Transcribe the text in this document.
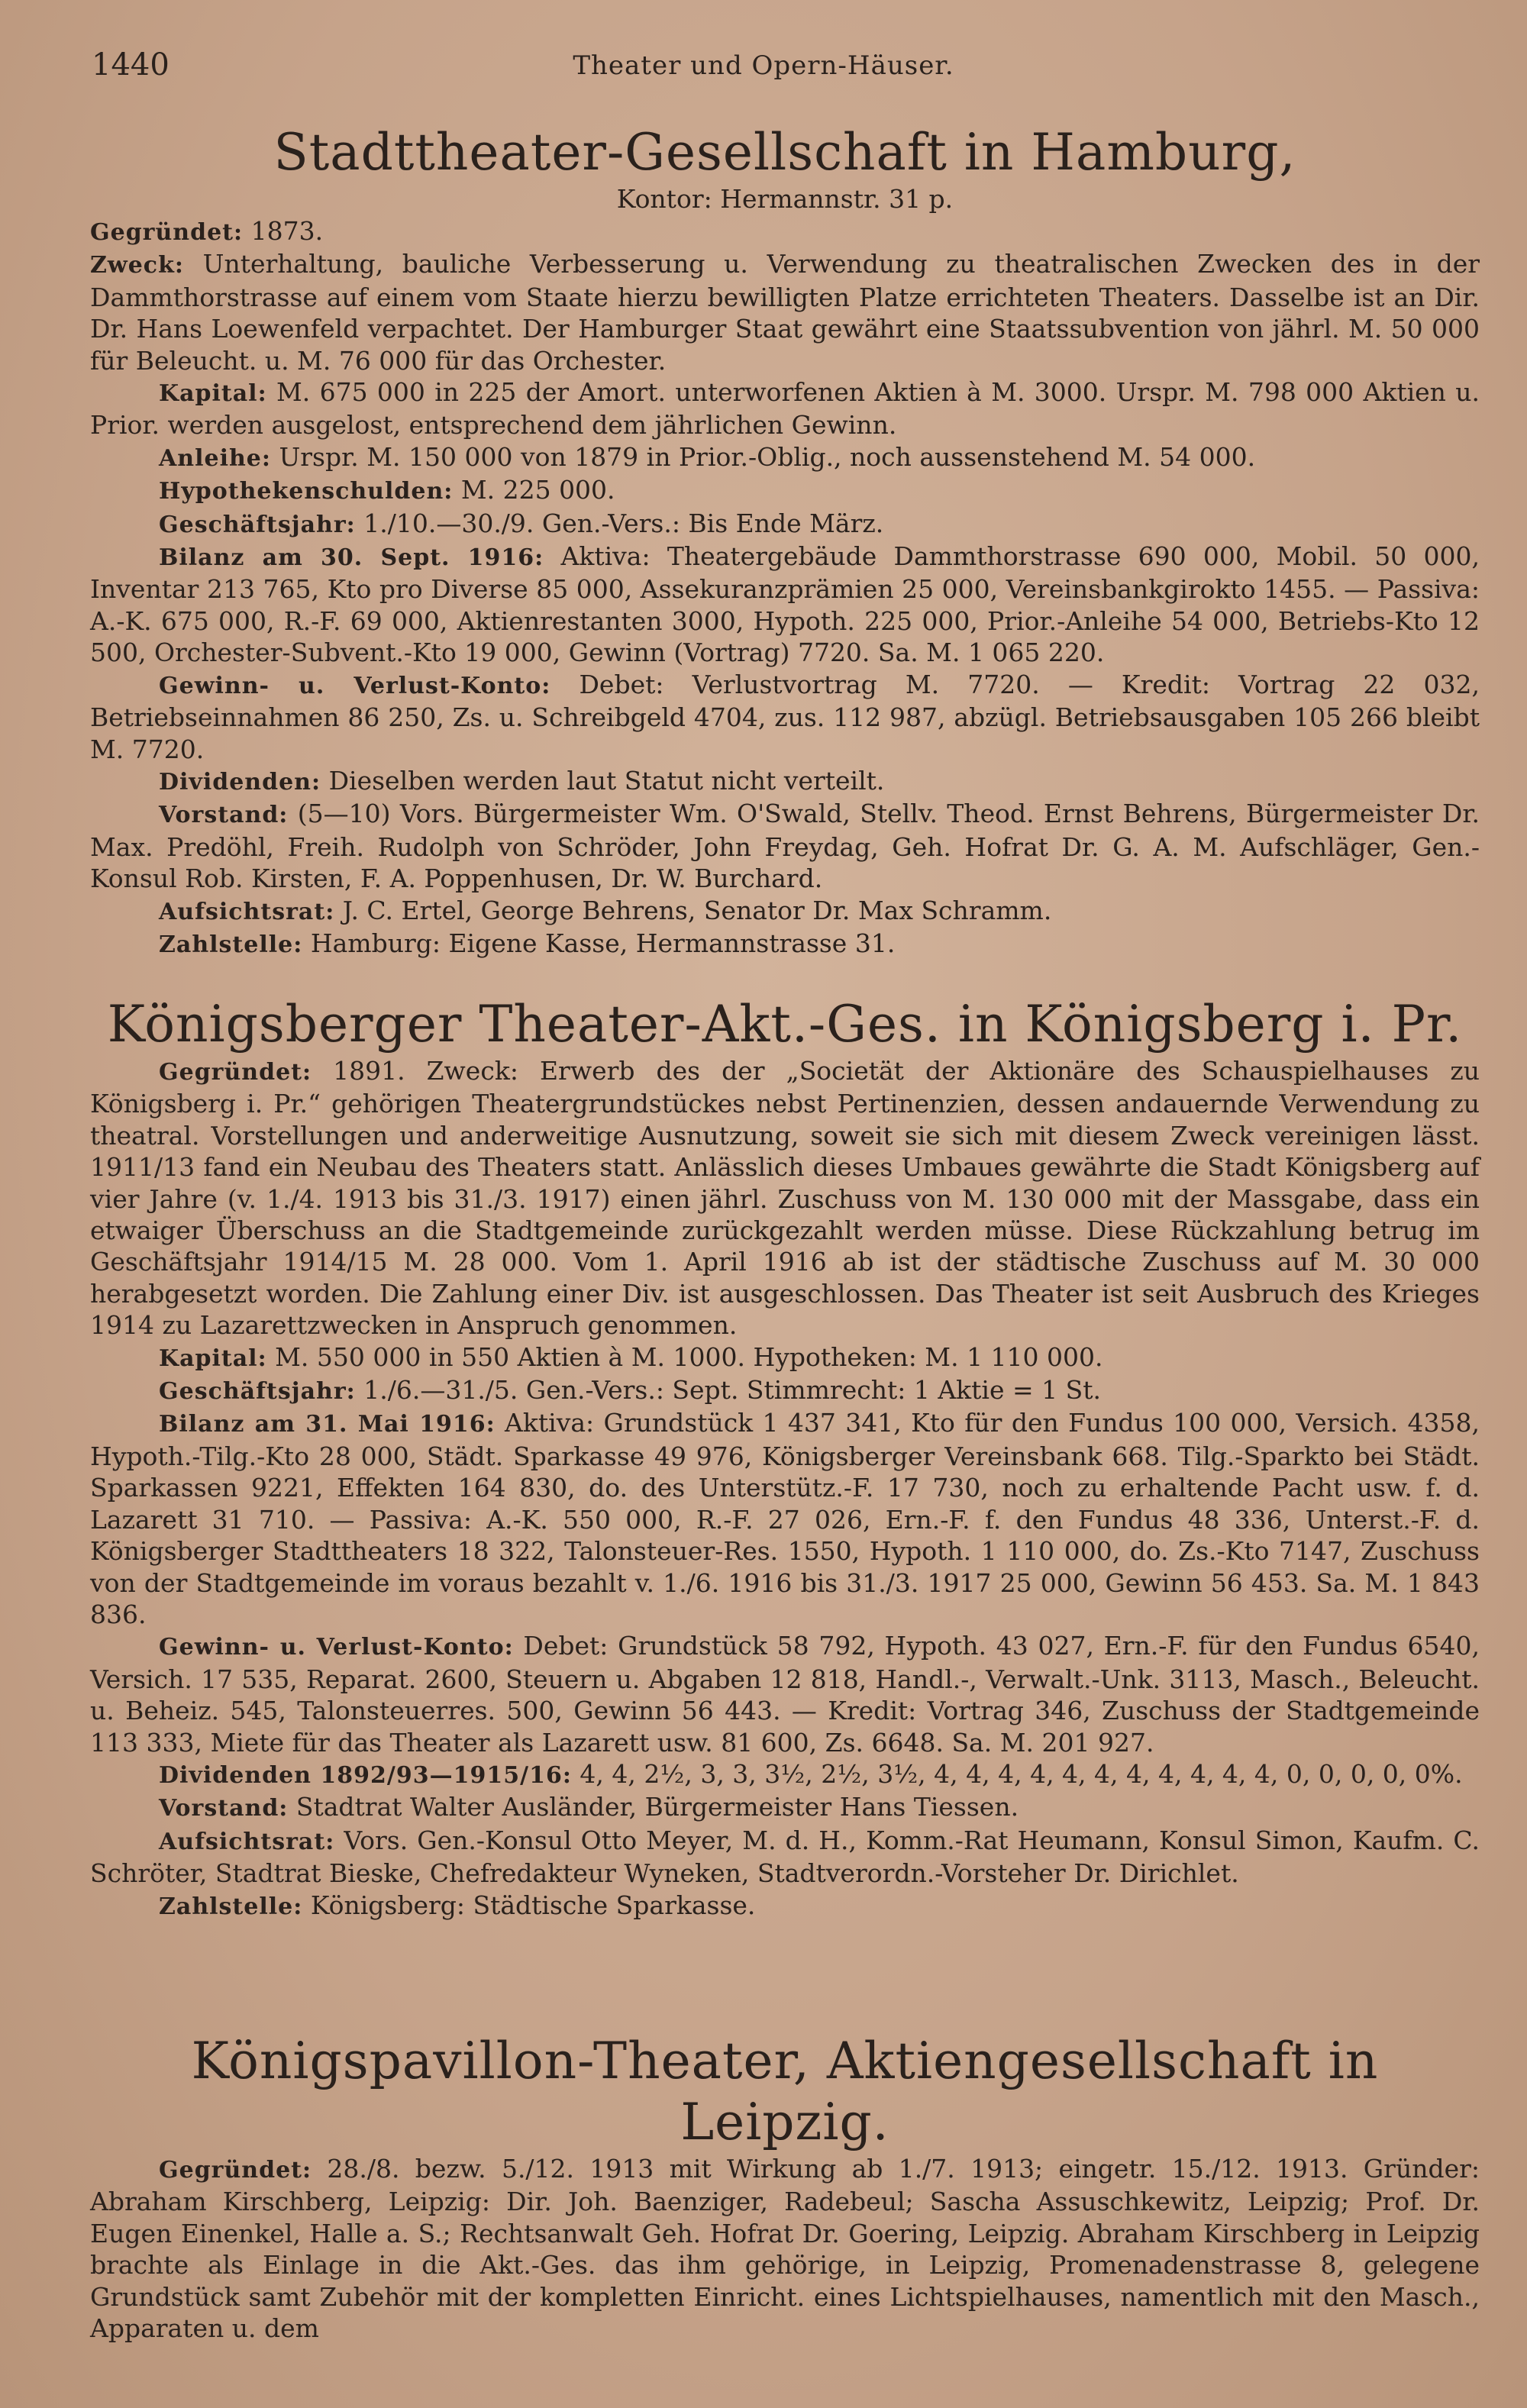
1440	Theater und Opern-Häuser.
Stadttheater-Gesellschaft in Hamburg,
Kontor: Hermannstr. 31 p.
Gegründet: 1873.
Zweck: Unterhaltung, bauliche Verbesserung u. Verwendung zu theatralischen Zwecken des in der Dammthorstrasse auf einem vom Staate hierzu bewilligten Platze errichteten Theaters. Dasselbe ist an Dir. Dr. Hans Loewenfeld verpachtet. Der Hamburger Staat gewährt eine Staatssubvention von jährl. M. 50 000 für Beleucht. u. M. 76 000 für das Orchester.
Kapital: M. 675 000 in 225 der Amort. unterworfenen Aktien à M. 3000. Urspr. M. 798 000 Aktien u. Prior. werden ausgelost, entsprechend dem jährlichen Gewinn.
Anleihe: Urspr. M. 150 000 von 1879 in Prior.-Oblig., noch aussenstehend M. 54 000.
Hypothekenschulden: M. 225 000.
Geschäftsjahr: 1./10.—30./9. Gen.-Vers.: Bis Ende März.
Bilanz am 30. Sept. 1916: Aktiva: Theatergebäude Dammthorstrasse 690 000, Mobil. 50 000, Inventar 213 765, Kto pro Diverse 85 000, Assekuranzprämien 25 000, Vereinsbankgirokto 1455. — Passiva: A.-K. 675 000, R.-F. 69 000, Aktienrestanten 3000, Hypoth. 225 000, Prior.-Anleihe 54 000, Betriebs-Kto 12 500, Orchester-Subvent.-Kto 19 000, Gewinn (Vortrag) 7720. Sa. M. 1 065 220.
Gewinn- u. Verlust-Konto: Debet: Verlustvortrag M. 7720. — Kredit: Vortrag 22 032, Betriebseinnahmen 86 250, Zs. u. Schreibgeld 4704, zus. 112 987, abzügl. Betriebsausgaben 105 266 bleibt M. 7720.
Dividenden: Dieselben werden laut Statut nicht verteilt.
Vorstand: (5—10) Vors. Bürgermeister Wm. O'Swald, Stellv. Theod. Ernst Behrens, Bürgermeister Dr. Max. Predöhl, Freih. Rudolph von Schröder, John Freydag, Geh. Hofrat Dr. G. A. M. Aufschläger, Gen.-Konsul Rob. Kirsten, F. A. Poppenhusen, Dr. W. Burchard.
Aufsichtsrat: J. C. Ertel, George Behrens, Senator Dr. Max Schramm.
Zahlstelle: Hamburg: Eigene Kasse, Hermannstrasse 31.
Königsberger Theater-Akt.-Ges. in Königsberg i. Pr.
Gegründet: 1891. Zweck: Erwerb des der „Societät der Aktionäre des Schauspielhauses zu Königsberg i. Pr.“ gehörigen Theatergrundstückes nebst Pertinenzien, dessen andauernde Verwendung zu theatral. Vorstellungen und anderweitige Ausnutzung, soweit sie sich mit diesem Zweck vereinigen lässt. 1911/13 fand ein Neubau des Theaters statt. Anlässlich dieses Umbaues gewährte die Stadt Königsberg auf vier Jahre (v. 1./4. 1913 bis 31./3. 1917) einen jährl. Zuschuss von M. 130 000 mit der Massgabe, dass ein etwaiger Überschuss an die Stadtgemeinde zurückgezahlt werden müsse. Diese Rückzahlung betrug im Geschäftsjahr 1914/15 M. 28 000. Vom 1. April 1916 ab ist der städtische Zuschuss auf M. 30 000 herabgesetzt worden. Die Zahlung einer Div. ist ausgeschlossen. Das Theater ist seit Ausbruch des Krieges 1914 zu Lazarettzwecken in Anspruch genommen.
Kapital: M. 550 000 in 550 Aktien à M. 1000. Hypotheken: M. 1 110 000.
Geschäftsjahr: 1./6.—31./5. Gen.-Vers.: Sept. Stimmrecht: 1 Aktie = 1 St.
Bilanz am 31. Mai 1916: Aktiva: Grundstück 1 437 341, Kto für den Fundus 100 000, Versich. 4358, Hypoth.-Tilg.-Kto 28 000, Städt. Sparkasse 49 976, Königsberger Vereinsbank 668. Tilg.-Sparkto bei Städt. Sparkassen 9221, Effekten 164 830, do. des Unterstütz.-F. 17 730, noch zu erhaltende Pacht usw. f. d. Lazarett 31 710. — Passiva: A.-K. 550 000, R.-F. 27 026, Ern.-F. f. den Fundus 48 336, Unterst.-F. d. Königsberger Stadttheaters 18 322, Talonsteuer-Res. 1550, Hypoth. 1 110 000, do. Zs.-Kto 7147, Zuschuss von der Stadtgemeinde im voraus bezahlt v. 1./6. 1916 bis 31./3. 1917 25 000, Gewinn 56 453. Sa. M. 1 843 836.
Gewinn- u. Verlust-Konto: Debet: Grundstück 58 792, Hypoth. 43 027, Ern.-F. für den Fundus 6540, Versich. 17 535, Reparat. 2600, Steuern u. Abgaben 12 818, Handl.-, Verwalt.-Unk. 3113, Masch., Beleucht. u. Beheiz. 545, Talonsteuerres. 500, Gewinn 56 443. — Kredit: Vortrag 346, Zuschuss der Stadtgemeinde 113 333, Miete für das Theater als Lazarett usw. 81 600, Zs. 6648. Sa. M. 201 927.
Dividenden 1892/93—1915/16: 4, 4, 2½, 3, 3, 3½, 2½, 3½, 4, 4, 4, 4, 4, 4, 4, 4, 4, 4, 4, 0, 0, 0, 0, 0%.
Vorstand: Stadtrat Walter Ausländer, Bürgermeister Hans Tiessen.
Aufsichtsrat: Vors. Gen.-Konsul Otto Meyer, M. d. H., Komm.-Rat Heumann, Konsul Simon, Kaufm. C. Schröter, Stadtrat Bieske, Chefredakteur Wyneken, Stadtverordn.-Vorsteher Dr. Dirichlet.
Zahlstelle: Königsberg: Städtische Sparkasse.
Königspavillon-Theater, Aktiengesellschaft in Leipzig.
Gegründet: 28./8. bezw. 5./12. 1913 mit Wirkung ab 1./7. 1913; eingetr. 15./12. 1913. Gründer: Abraham Kirschberg, Leipzig: Dir. Joh. Baenziger, Radebeul; Sascha Assuschkewitz, Leipzig; Prof. Dr. Eugen Einenkel, Halle a. S.; Rechtsanwalt Geh. Hofrat Dr. Goering, Leipzig. Abraham Kirschberg in Leipzig brachte als Einlage in die Akt.-Ges. das ihm gehörige, in Leipzig, Promenadenstrasse 8, gelegene Grundstück samt Zubehör mit der kompletten Einricht. eines Lichtspielhauses, namentlich mit den Masch., Apparaten u. dem
